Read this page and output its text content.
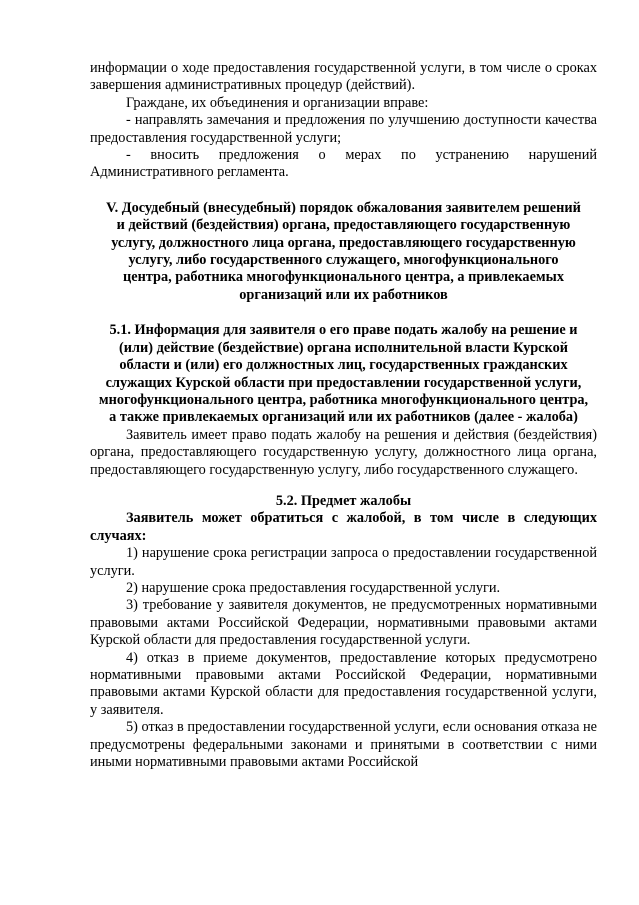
информации о ходе предоставления государственной услуги, в том числе о сроках завершения административных процедур (действий).

Граждане, их объединения и организации вправе:

- направлять замечания и предложения по улучшению доступности качества предоставления государственной услуги;

- вносить предложения о мерах по устранению нарушений Административного регламента.

V. Досудебный (внесудебный) порядок обжалования заявителем решений и действий (бездействия) органа, предоставляющего государственную услугу, должностного лица органа, предоставляющего государственную услугу, либо государственного служащего, многофункционального центра, работника многофункционального центра, а привлекаемых организаций или их работников

5.1. Информация для заявителя о его праве подать жалобу на решение и (или) действие (бездействие) органа исполнительной власти Курской области и (или) его должностных лиц, государственных гражданских служащих Курской области при предоставлении государственной услуги, многофункционального центра, работника многофункционального центра, а также привлекаемых организаций или их работников (далее - жалоба)

Заявитель имеет право подать жалобу на решения и действия (бездействия) органа, предоставляющего государственную услугу, должностного лица органа, предоставляющего государственную услугу, либо государственного служащего.

5.2. Предмет жалобы

Заявитель может обратиться с жалобой, в том числе в следующих случаях:

1) нарушение срока регистрации запроса о предоставлении государственной услуги.

2) нарушение срока предоставления государственной услуги.

3) требование у заявителя документов, не предусмотренных нормативными правовыми актами Российской Федерации, нормативными правовыми актами Курской области для предоставления государственной услуги.

4) отказ в приеме документов, предоставление которых предусмотрено нормативными правовыми актами Российской Федерации, нормативными правовыми актами Курской области для предоставления государственной услуги, у заявителя.

5) отказ в предоставлении государственной услуги, если основания отказа не предусмотрены федеральными законами и принятыми в соответствии с ними иными нормативными правовыми актами Российской
